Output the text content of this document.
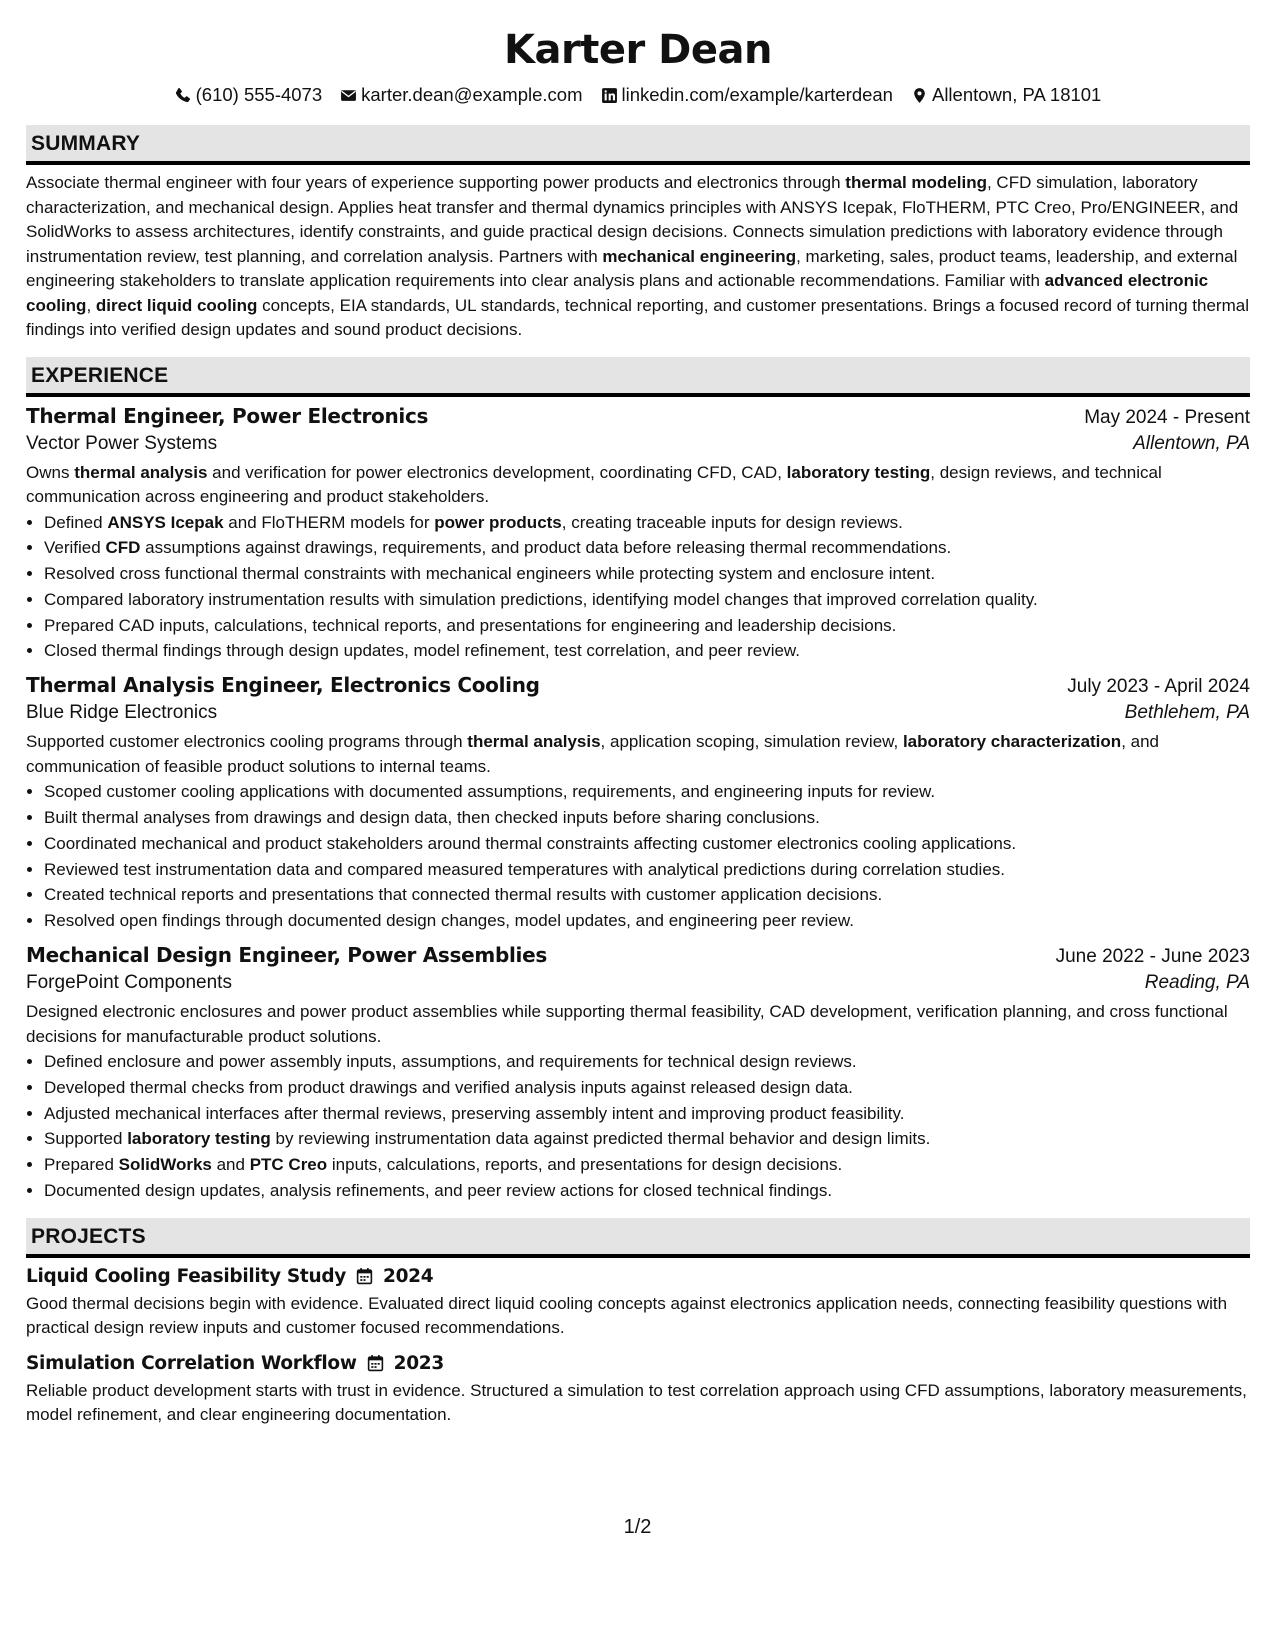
Karter Dean
(610) 555-4073 karter.dean@example.com linkedin.com/example/karterdean Allentown, PA 18101
SUMMARY

Associate thermal engineer with four years of experience supporting power products and electronics through thermal modeling, CFD simulation, laboratory characterization, and mechanical design. Applies heat transfer and thermal dynamics principles with ANSYS Icepak, FloTHERM, PTC Creo, Pro/ENGINEER, and SolidWorks to assess architectures, identify constraints, and guide practical design decisions. Connects simulation predictions with laboratory evidence through instrumentation review, test planning, and correlation analysis. Partners with mechanical engineering, marketing, sales, product teams, leadership, and external engineering stakeholders to translate application requirements into clear analysis plans and actionable recommendations. Familiar with advanced electronic cooling, direct liquid cooling concepts, EIA standards, UL standards, technical reporting, and customer presentations. Brings a focused record of turning thermal findings into verified design updates and sound product decisions.

EXPERIENCE
Thermal Engineer, Power Electronics	May 2024 - Present
Vector Power Systems	Allentown, PA

Owns thermal analysis and verification for power electronics development, coordinating CFD, CAD, laboratory testing, design reviews, and technical communication across engineering and product stakeholders.

• Defined ANSYS Icepak and FloTHERM models for power products, creating traceable inputs for design reviews.
• Verified CFD assumptions against drawings, requirements, and product data before releasing thermal recommendations.
• Resolved cross functional thermal constraints with mechanical engineers while protecting system and enclosure intent.
• Compared laboratory instrumentation results with simulation predictions, identifying model changes that improved correlation quality.
• Prepared CAD inputs, calculations, technical reports, and presentations for engineering and leadership decisions.
• Closed thermal findings through design updates, model refinement, test correlation, and peer review.
Thermal Analysis Engineer, Electronics Cooling	July 2023 - April 2024
Blue Ridge Electronics	Bethlehem, PA

Supported customer electronics cooling programs through thermal analysis, application scoping, simulation review, laboratory characterization, and communication of feasible product solutions to internal teams.

• Scoped customer cooling applications with documented assumptions, requirements, and engineering inputs for review.
• Built thermal analyses from drawings and design data, then checked inputs before sharing conclusions.
• Coordinated mechanical and product stakeholders around thermal constraints affecting customer electronics cooling applications.
• Reviewed test instrumentation data and compared measured temperatures with analytical predictions during correlation studies.
• Created technical reports and presentations that connected thermal results with customer application decisions.
• Resolved open findings through documented design changes, model updates, and engineering peer review.
Mechanical Design Engineer, Power Assemblies	June 2022 - June 2023
ForgePoint Components	Reading, PA

Designed electronic enclosures and power product assemblies while supporting thermal feasibility, CAD development, verification planning, and cross functional decisions for manufacturable product solutions.

• Defined enclosure and power assembly inputs, assumptions, and requirements for technical design reviews.
• Developed thermal checks from product drawings and verified analysis inputs against released design data.
• Adjusted mechanical interfaces after thermal reviews, preserving assembly intent and improving product feasibility.
• Supported laboratory testing by reviewing instrumentation data against predicted thermal behavior and design limits.
• Prepared SolidWorks and PTC Creo inputs, calculations, reports, and presentations for design decisions.
• Documented design updates, analysis refinements, and peer review actions for closed technical findings.
PROJECTS
Liquid Cooling Feasibility Study 2024

Good thermal decisions begin with evidence. Evaluated direct liquid cooling concepts against electronics application needs, connecting feasibility questions with practical design review inputs and customer focused recommendations.

Simulation Correlation Workflow 2023

Reliable product development starts with trust in evidence. Structured a simulation to test correlation approach using CFD assumptions, laboratory measurements, model refinement, and clear engineering documentation.

1/2
